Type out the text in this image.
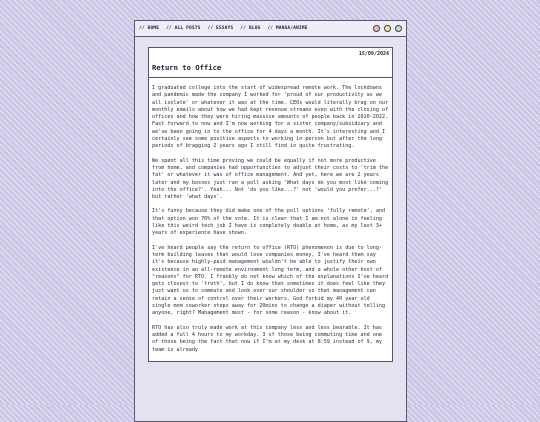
// HOME // ALL POSTS // ESSAYS // BLOG // MANGA/ANIME
15/09/2024
Return to Office

I graduated college into the start of widespread remote work. The lockdowns and pandemic made the company I worked for 'proud of our productivity as we all isolate' or whatever it was at the time. CEOs would literally brag on our monthly emails about how we had kept revenue streams even with the closing of offices and how they were hiring massive amounts of people back in 2020-2022. Fast forward to now and I'm now working for a sister company/subsidiary and we've been going in to the office for 4 days a month. It's interesting and I certainly see some positive aspects to working in person but after the long periods of bragging 2 years ago I still find in quite frustrating.

We spent all this time proving we could be equally if not more productive from home, and companies had opportunities to adjust their costs to 'trim the fat' or whatever it was of office management. And yet, here we are 2 years later and my bosses just ran a poll asking 'What days do you most like coming into the office?'. Yeah... Not 'do you like...?' not 'would you prefer...?' but rather 'what days'.

It's funny because they did make one of the poll options 'fully remote', and that option won 70% of the vote. It is clear that I am not alone in feeling like this weird tech job I have is completely doable at home, as my last 3+ years of experience have shown.

I've heard people say the return to office (RTO) phenomenon is due to long-term building leases that would lose companies money, I've heard them say it's because highly-paid management wouldn't be able to justify their own existence in an all-remote environment long term, and a whole other host of "reasons" for RTO. I frankly do not know which of the explanations I've heard gets closest to 'truth', but I do know that sometimes it does feel like they just want us to commute and look over our shoulder so that management can retain a sense of control over their workers. God forbid my 40 year old single mom coworker steps away for 20mins to change a diaper without telling anyone, right? Management must - for some reason - know about it.

RTO has also truly made work at this company less and less bearable. It has added a full 4 hours to my workday. 3 of those being commuting time and one of those being the fact that now if I'm at my desk at 8:59 instead of 9, my team is already
